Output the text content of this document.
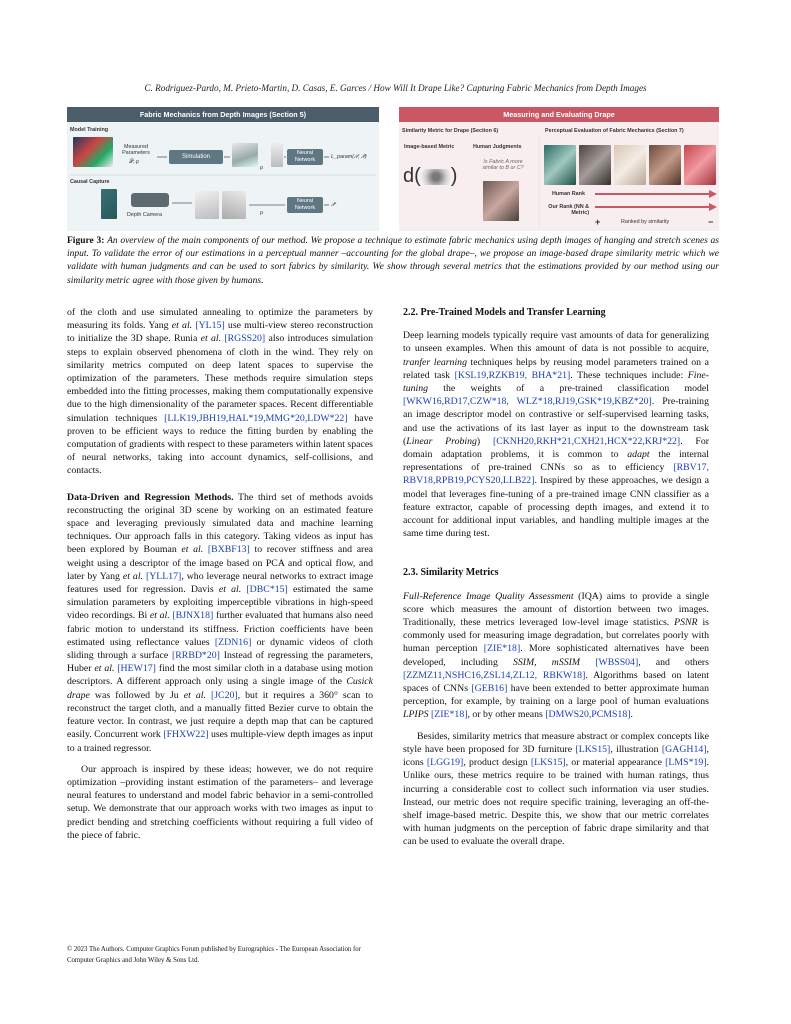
C. Rodriguez-Pardo, M. Prieto-Martin, D. Casas, E. Garces / How Will It Drape Like? Capturing Fabric Mechanics from Depth Images
Fabric Mechanics from Depth Images (Section 5)
Model Training
Measured Parameters
𝒫, ρ
Simulation
ρ
Neural Network	L_param(𝒫, 𝒫̂)
Causal Capture
Depth Camera	ρ
Neural Network	𝒫̂
Measuring and Evaluating Drape
Similarity Metric for Drape (Section 6)	Perceptual Evaluation of Fabric Mechanics (Section 7)
Image-based Metric	Human Judgments
d( )
Is Fabric A more similar to B or C?
Human Rank
Our Rank (NN & Metric)
+	Ranked by similarity	−
Figure 3: An overview of the main components of our method. We propose a technique to estimate fabric mechanics using depth images of hanging and stretch scenes as input. To validate the error of our estimations in a perceptual manner –accounting for the global drape–, we propose an image-based drape similarity metric which we validate with human judgments and can be used to sort fabrics by similarity. We show through several metrics that the estimations provided by our method using our similarity metric agree with those given by humans.

of the cloth and use simulated annealing to optimize the parameters by measuring its folds. Yang et al. [YL15] use multi-view stereo reconstruction to initialize the 3D shape. Runia et al. [RGSS20] also introduces simulation steps to explain observed phenomena of cloth in the wind. They rely on similarity metrics computed on deep latent spaces to supervise the optimization of the parameters. These methods require simulation steps embedded into the fitting processes, making them computationally expensive due to the high dimensionality of the parameter spaces. Recent differentiable simulation techniques [LLK19,JBH19,HAL*19,MMG*20,LDW*22] have proven to be efficient ways to reduce the fitting burden by enabling the computation of gradients with respect to these parameters within latent spaces of neural networks, taking into account dynamics, self-collisions, and contacts.

Data-Driven and Regression Methods. The third set of methods avoids reconstructing the original 3D scene by working on an estimated feature space and leveraging previously simulated data and machine learning techniques. Our approach falls in this category. Taking videos as input has been explored by Bouman et al. [BXBF13] to recover stiffness and area weight using a descriptor of the image based on PCA and optical flow, and later by Yang et al. [YLL17], who leverage neural networks to extract image features used for regression. Davis et al. [DBC*15] estimated the same simulation parameters by exploiting imperceptible vibrations in high-speed video recordings. Bi et al. [BJNX18] further evaluated that humans also need fabric motion to understand its stiffness. Friction coefficients have been estimated using reflectance values [ZDN16] or dynamic videos of cloth sliding through a surface [RRBD*20] Instead of regressing the parameters, Huber et al. [HEW17] find the most similar cloth in a database using motion descriptors. A different approach only using a single image of the Cusick drape was followed by Ju et al. [JC20], but it requires a 360° scan to reconstruct the target cloth, and a manually fitted Bezier curve to obtain the feature vector. In contrast, we just require a depth map that can be captured easily. Concurrent work [FHXW22] uses multiple-view depth images as input to a trained regressor.

Our approach is inspired by these ideas; however, we do not require optimization –providing instant estimation of the parameters– and leverage neural features to understand and model fabric behavior in a semi-controlled setup. We demonstrate that our approach works with two images as input to predict bending and stretching coefficients without requiring a full video of the piece of fabric.

2.2. Pre-Trained Models and Transfer Learning

Deep learning models typically require vast amounts of data for generalizing to unseen examples. When this amount of data is not possible to acquire, tranfer learning techniques helps by reusing model parameters trained on a related task [KSL19,RZKB19, BHA*21]. These techniques include: Fine-tuning the weights of a pre-trained classification model [WKW16,RD17,CZW*18, WLZ*18,RJ19,GSK*19,KBZ*20]. Pre-training an image descriptor model on contrastive or self-supervised learning tasks, and use the activations of its last layer as input to the downstream task (Linear Probing) [CKNH20,RKH*21,CXH21,HCX*22,KRJ*22]. For domain adaptation problems, it is common to adapt the internal representations of pre-trained CNNs so as to efficiency [RBV17, RBV18,RPB19,PCYS20,LLB22]. Inspired by these approaches, we design a model that leverages fine-tuning of a pre-trained image CNN classifier as a feature extractor, capable of processing depth images, and extend it to account for additional input variables, and handling multiple images at the same time during test.

2.3. Similarity Metrics

Full-Reference Image Quality Assessment (IQA) aims to provide a single score which measures the amount of distortion between two images. Traditionally, these metrics leveraged low-level image statistics. PSNR is commonly used for measuring image degradation, but correlates poorly with human perception [ZIE*18]. More sophisticated alternatives have been developed, including SSIM, mSSIM [WBSS04], and others [ZZMZ11,NSHC16,ZSL14,ZL12, RBKW18]. Algorithms based on latent spaces of CNNs [GEB16] have been extended to better approximate human perception, for example, by training on a large pool of human evaluations LPIPS [ZIE*18], or by other means [DMWS20,PCMS18].

Besides, similarity metrics that measure abstract or complex concepts like style have been proposed for 3D furniture [LKS15], illustration [GAGH14], icons [LGG19], product design [LKS15], or material appearance [LMS*19]. Unlike ours, these metrics require to be trained with human ratings, thus incurring a considerable cost to collect such information via user studies. Instead, our metric does not require specific training, leveraging an off-the-shelf image-based metric. Despite this, we show that our metric correlates with human judgments on the perception of fabric drape similarity and that can be used to evaluate the overall drape.

© 2023 The Authors. Computer Graphics Forum published by Eurographics - The European Association for Computer Graphics and John Wiley & Sons Ltd.
